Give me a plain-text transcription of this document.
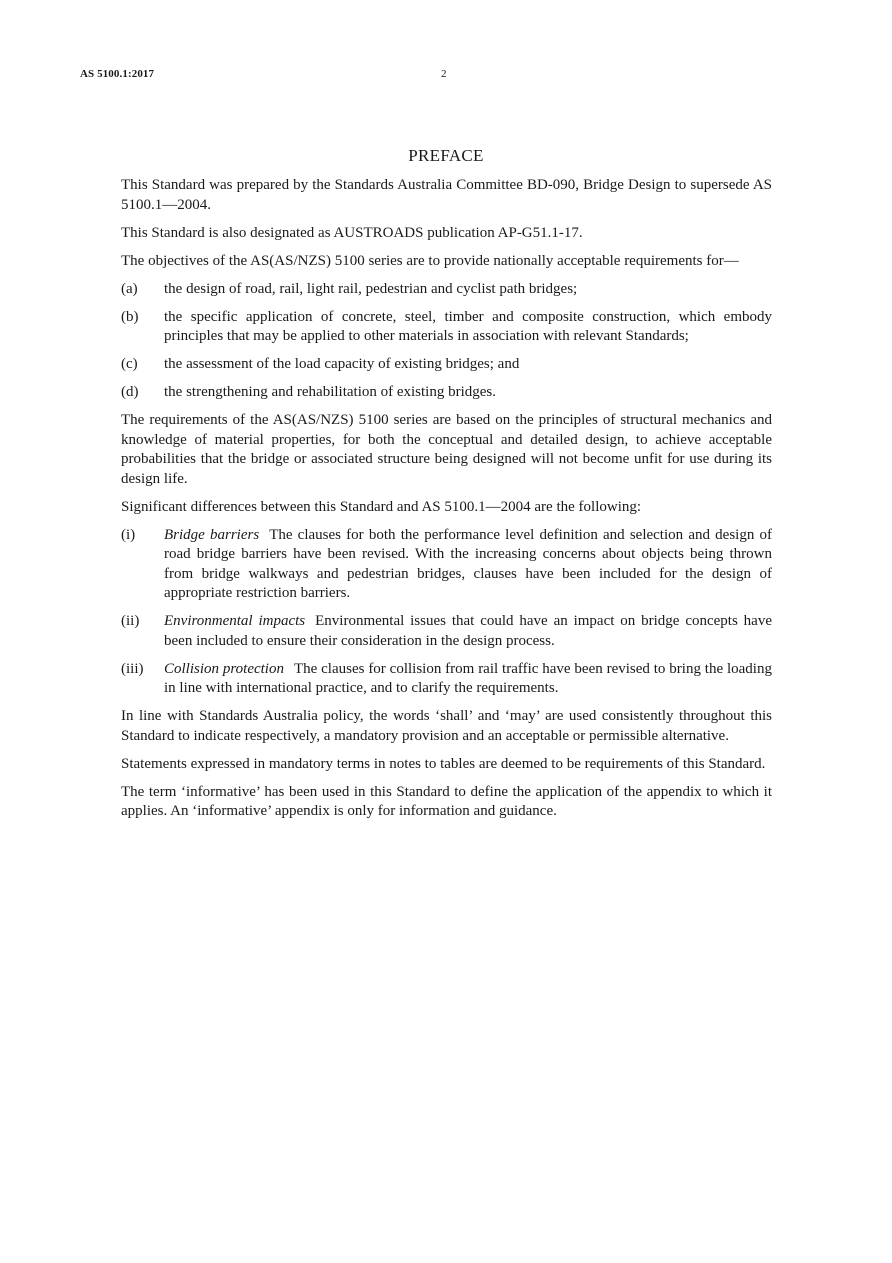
AS 5100.1:2017	2
PREFACE

This Standard was prepared by the Standards Australia Committee BD-090, Bridge Design to supersede AS 5100.1—2004.

This Standard is also designated as AUSTROADS publication AP-G51.1-17.

The objectives of the AS(AS/NZS) 5100 series are to provide nationally acceptable requirements for—

(a)	the design of road, rail, light rail, pedestrian and cyclist path bridges;
(b)	the specific application of concrete, steel, timber and composite construction, which embody principles that may be applied to other materials in association with relevant Standards;
(c)	the assessment of the load capacity of existing bridges; and
(d)	the strengthening and rehabilitation of existing bridges.

The requirements of the AS(AS/NZS) 5100 series are based on the principles of structural mechanics and knowledge of material properties, for both the conceptual and detailed design, to achieve acceptable probabilities that the bridge or associated structure being designed will not become unfit for use during its design life.

Significant differences between this Standard and AS 5100.1—2004 are the following:

(i)	Bridge barriers The clauses for both the performance level definition and selection and design of road bridge barriers have been revised. With the increasing concerns about objects being thrown from bridge walkways and pedestrian bridges, clauses have been included for the design of appropriate restriction barriers.
(ii)	Environmental impacts Environmental issues that could have an impact on bridge concepts have been included to ensure their consideration in the design process.
(iii)	Collision protection The clauses for collision from rail traffic have been revised to bring the loading in line with international practice, and to clarify the requirements.

In line with Standards Australia policy, the words ‘shall’ and ‘may’ are used consistently throughout this Standard to indicate respectively, a mandatory provision and an acceptable or permissible alternative.

Statements expressed in mandatory terms in notes to tables are deemed to be requirements of this Standard.

The term ‘informative’ has been used in this Standard to define the application of the appendix to which it applies. An ‘informative’ appendix is only for information and guidance.
